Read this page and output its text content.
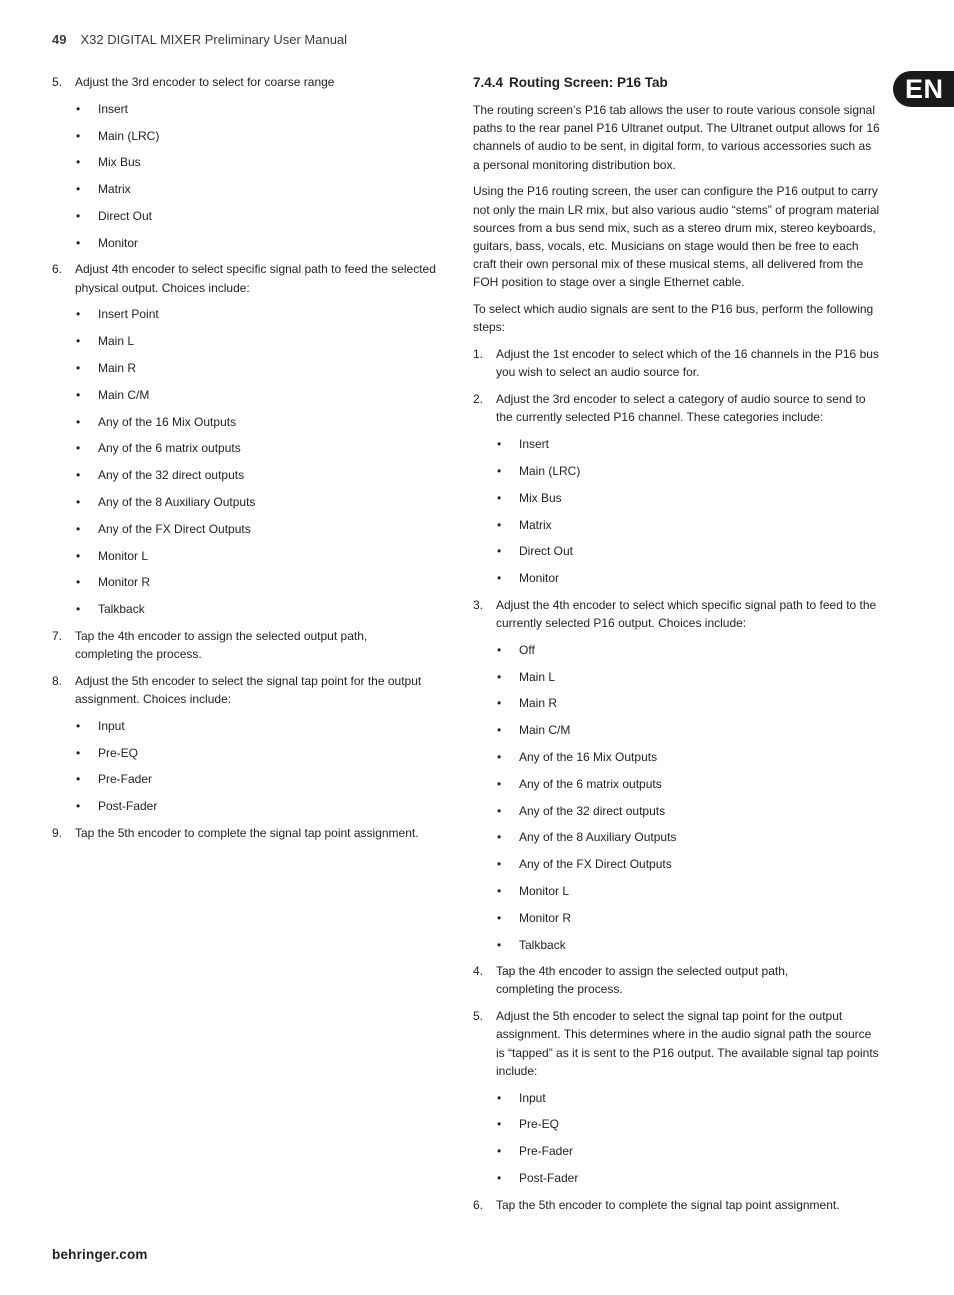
49 X32 DIGITAL MIXER Preliminary User Manual
EN
5. Adjust the 3rd encoder to select for coarse range
• Insert
• Main (LRC)
• Mix Bus
• Matrix
• Direct Out
• Monitor
6. Adjust 4th encoder to select specific signal path to feed the selected physical output. Choices include:
• Insert Point
• Main L
• Main R
• Main C/M
• Any of the 16 Mix Outputs
• Any of the 6 matrix outputs
• Any of the 32 direct outputs
• Any of the 8 Auxiliary Outputs
• Any of the FX Direct Outputs
• Monitor L
• Monitor R
• Talkback
7. Tap the 4th encoder to assign the selected output path,
completing the process.
8. Adjust the 5th encoder to select the signal tap point for the output assignment. Choices include:
• Input
• Pre-EQ
• Pre-Fader
• Post-Fader
9. Tap the 5th encoder to complete the signal tap point assignment.
7.4.4 Routing Screen: P16 Tab
The routing screen’s P16 tab allows the user to route various console signal paths to the rear panel P16 Ultranet output. The Ultranet output allows for 16 channels of audio to be sent, in digital form, to various accessories such as a personal monitoring distribution box.
Using the P16 routing screen, the user can configure the P16 output to carry not only the main LR mix, but also various audio “stems” of program material sources from a bus send mix, such as a stereo drum mix, stereo keyboards, guitars, bass, vocals, etc. Musicians on stage would then be free to each craft their own personal mix of these musical stems, all delivered from the FOH position to stage over a single Ethernet cable.
To select which audio signals are sent to the P16 bus, perform the following steps:
1. Adjust the 1st encoder to select which of the 16 channels in the P16 bus you wish to select an audio source for.
2. Adjust the 3rd encoder to select a category of audio source to send to the currently selected P16 channel. These categories include:
• Insert
• Main (LRC)
• Mix Bus
• Matrix
• Direct Out
• Monitor
3. Adjust the 4th encoder to select which specific signal path to feed to the currently selected P16 output. Choices include:
• Off
• Main L
• Main R
• Main C/M
• Any of the 16 Mix Outputs
• Any of the 6 matrix outputs
• Any of the 32 direct outputs
• Any of the 8 Auxiliary Outputs
• Any of the FX Direct Outputs
• Monitor L
• Monitor R
• Talkback
4. Tap the 4th encoder to assign the selected output path,
completing the process.
5. Adjust the 5th encoder to select the signal tap point for the output assignment. This determines where in the audio signal path the source is “tapped” as it is sent to the P16 output. The available signal tap points include:
• Input
• Pre-EQ
• Pre-Fader
• Post-Fader
6. Tap the 5th encoder to complete the signal tap point assignment.
behringer.com
